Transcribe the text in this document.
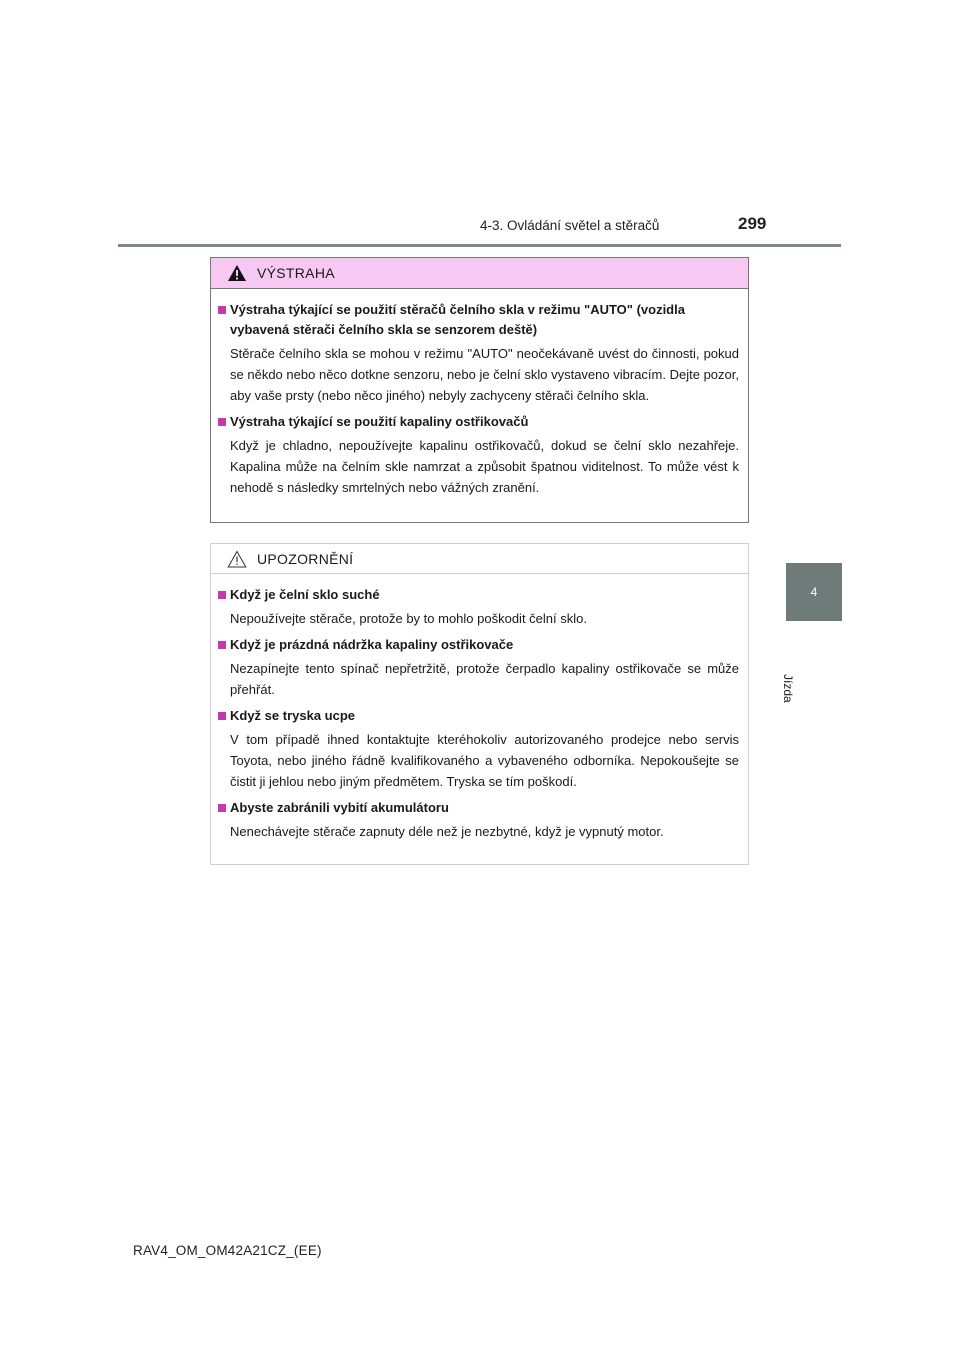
4-3. Ovládání světel a stěračů	299
4
Jízda
VÝSTRAHA
Výstraha týkající se použití stěračů čelního skla v režimu "AUTO" (vozidla vybavená stěrači čelního skla se senzorem deště)
Stěrače čelního skla se mohou v režimu "AUTO" neočekávaně uvést do činnosti, pokud se někdo nebo něco dotkne senzoru, nebo je čelní sklo vystaveno vibracím. Dejte pozor, aby vaše prsty (nebo něco jiného) nebyly zachyceny stěrači čelního skla.
Výstraha týkající se použití kapaliny ostřikovačů
Když je chladno, nepoužívejte kapalinu ostřikovačů, dokud se čelní sklo nezahřeje. Kapalina může na čelním skle namrzat a způsobit špatnou viditelnost. To může vést k nehodě s následky smrtelných nebo vážných zranění.
UPOZORNĚNÍ
Když je čelní sklo suché
Nepoužívejte stěrače, protože by to mohlo poškodit čelní sklo.
Když je prázdná nádržka kapaliny ostřikovače
Nezapínejte tento spínač nepřetržitě, protože čerpadlo kapaliny ostřikovače se může přehřát.
Když se tryska ucpe
V tom případě ihned kontaktujte kteréhokoliv autorizovaného prodejce nebo servis Toyota, nebo jiného řádně kvalifikovaného a vybaveného odborníka. Nepokoušejte se čistit ji jehlou nebo jiným předmětem. Tryska se tím poškodí.
Abyste zabránili vybití akumulátoru
Nenechávejte stěrače zapnuty déle než je nezbytné, když je vypnutý motor.
RAV4_OM_OM42A21CZ_(EE)
